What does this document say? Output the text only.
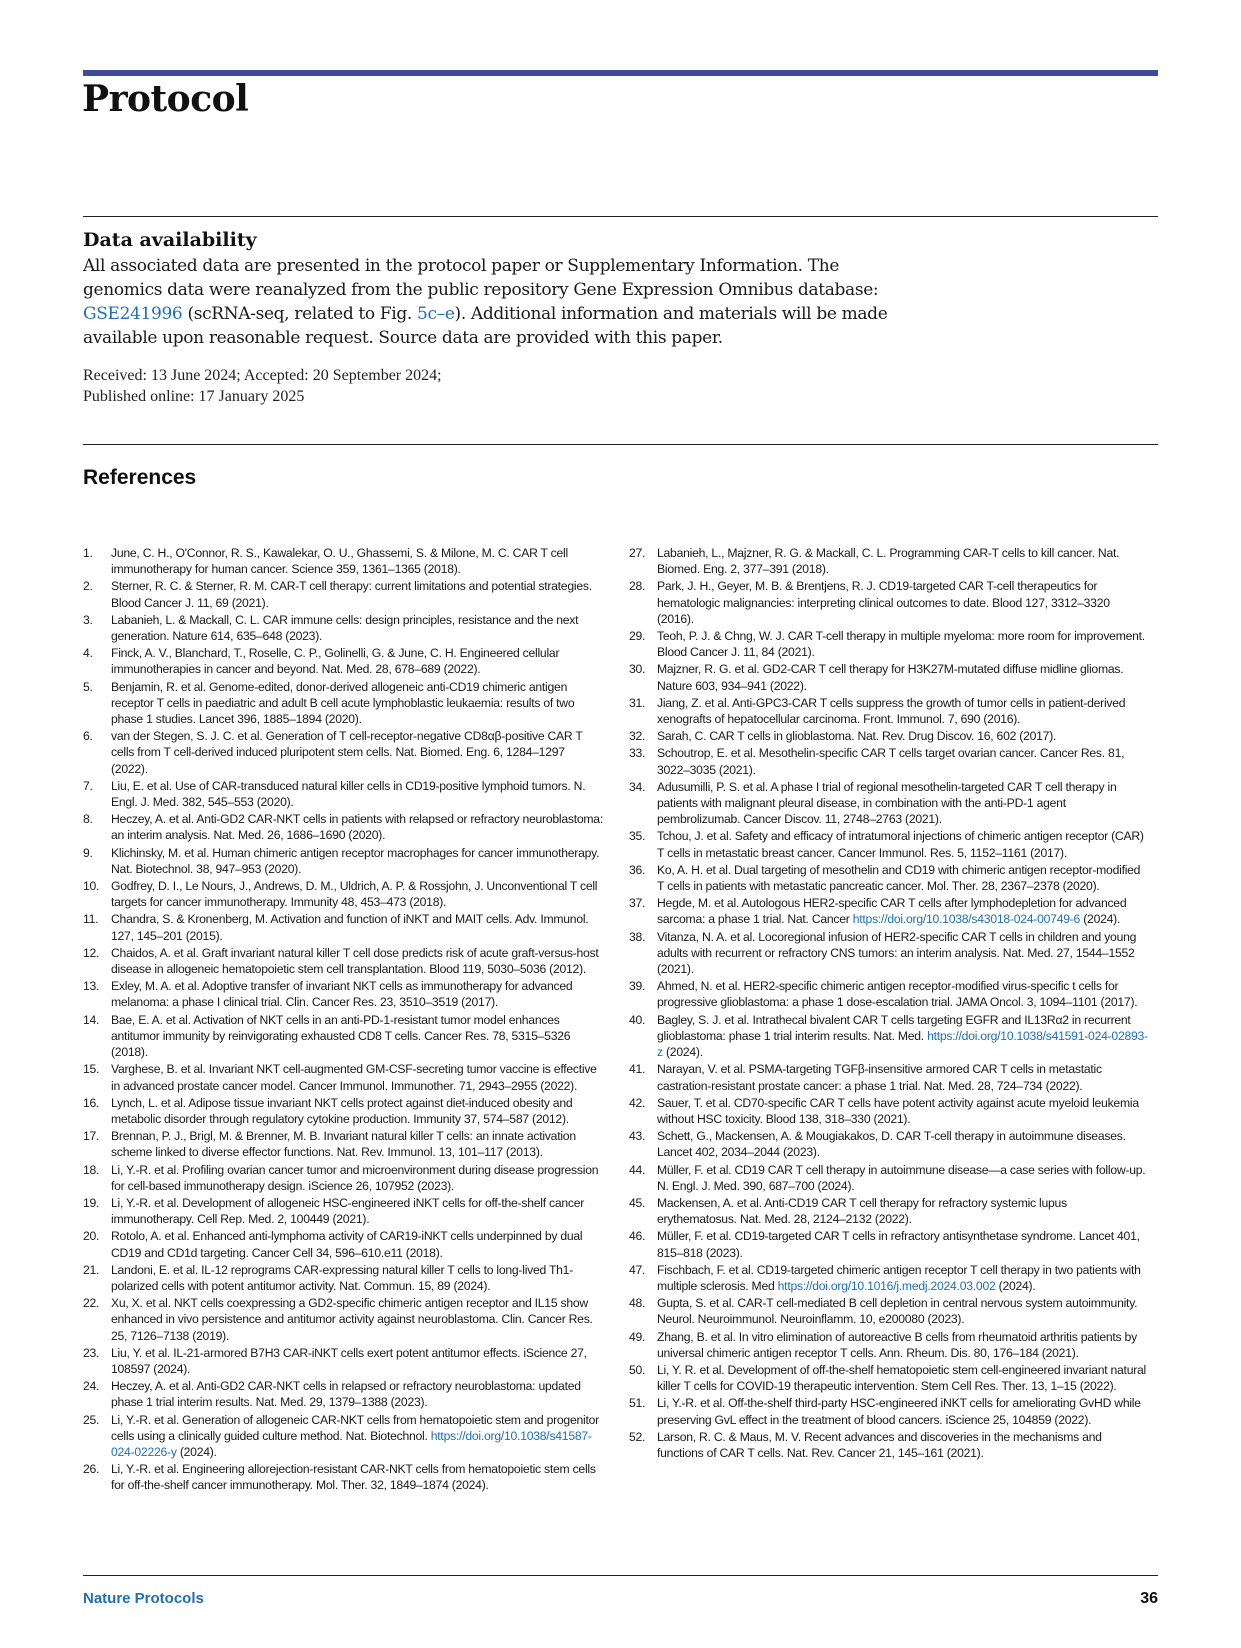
Protocol
Data availability
All associated data are presented in the protocol paper or Supplementary Information. The genomics data were reanalyzed from the public repository Gene Expression Omnibus database: GSE241996 (scRNA-seq, related to Fig. 5c–e). Additional information and materials will be made available upon reasonable request. Source data are provided with this paper.
Received: 13 June 2024; Accepted: 20 September 2024;
Published online: 17 January 2025
References
1. June, C. H., O'Connor, R. S., Kawalekar, O. U., Ghassemi, S. & Milone, M. C. CAR T cell immunotherapy for human cancer. Science 359, 1361–1365 (2018).
2. Sterner, R. C. & Sterner, R. M. CAR-T cell therapy: current limitations and potential strategies. Blood Cancer J. 11, 69 (2021).
3. Labanieh, L. & Mackall, C. L. CAR immune cells: design principles, resistance and the next generation. Nature 614, 635–648 (2023).
4. Finck, A. V., Blanchard, T., Roselle, C. P., Golinelli, G. & June, C. H. Engineered cellular immunotherapies in cancer and beyond. Nat. Med. 28, 678–689 (2022).
5. Benjamin, R. et al. Genome-edited, donor-derived allogeneic anti-CD19 chimeric antigen receptor T cells in paediatric and adult B cell acute lymphoblastic leukaemia: results of two phase 1 studies. Lancet 396, 1885–1894 (2020).
6. van der Stegen, S. J. C. et al. Generation of T cell-receptor-negative CD8αβ-positive CAR T cells from T cell-derived induced pluripotent stem cells. Nat. Biomed. Eng. 6, 1284–1297 (2022).
7. Liu, E. et al. Use of CAR-transduced natural killer cells in CD19-positive lymphoid tumors. N. Engl. J. Med. 382, 545–553 (2020).
8. Heczey, A. et al. Anti-GD2 CAR-NKT cells in patients with relapsed or refractory neuroblastoma: an interim analysis. Nat. Med. 26, 1686–1690 (2020).
9. Klichinsky, M. et al. Human chimeric antigen receptor macrophages for cancer immunotherapy. Nat. Biotechnol. 38, 947–953 (2020).
10. Godfrey, D. I., Le Nours, J., Andrews, D. M., Uldrich, A. P. & Rossjohn, J. Unconventional T cell targets for cancer immunotherapy. Immunity 48, 453–473 (2018).
11. Chandra, S. & Kronenberg, M. Activation and function of iNKT and MAIT cells. Adv. Immunol. 127, 145–201 (2015).
12. Chaidos, A. et al. Graft invariant natural killer T cell dose predicts risk of acute graft-versus-host disease in allogeneic hematopoietic stem cell transplantation. Blood 119, 5030–5036 (2012).
13. Exley, M. A. et al. Adoptive transfer of invariant NKT cells as immunotherapy for advanced melanoma: a phase I clinical trial. Clin. Cancer Res. 23, 3510–3519 (2017).
14. Bae, E. A. et al. Activation of NKT cells in an anti-PD-1-resistant tumor model enhances antitumor immunity by reinvigorating exhausted CD8 T cells. Cancer Res. 78, 5315–5326 (2018).
15. Varghese, B. et al. Invariant NKT cell-augmented GM-CSF-secreting tumor vaccine is effective in advanced prostate cancer model. Cancer Immunol. Immunother. 71, 2943–2955 (2022).
16. Lynch, L. et al. Adipose tissue invariant NKT cells protect against diet-induced obesity and metabolic disorder through regulatory cytokine production. Immunity 37, 574–587 (2012).
17. Brennan, P. J., Brigl, M. & Brenner, M. B. Invariant natural killer T cells: an innate activation scheme linked to diverse effector functions. Nat. Rev. Immunol. 13, 101–117 (2013).
18. Li, Y.-R. et al. Profiling ovarian cancer tumor and microenvironment during disease progression for cell-based immunotherapy design. iScience 26, 107952 (2023).
19. Li, Y.-R. et al. Development of allogeneic HSC-engineered iNKT cells for off-the-shelf cancer immunotherapy. Cell Rep. Med. 2, 100449 (2021).
20. Rotolo, A. et al. Enhanced anti-lymphoma activity of CAR19-iNKT cells underpinned by dual CD19 and CD1d targeting. Cancer Cell 34, 596–610.e11 (2018).
21. Landoni, E. et al. IL-12 reprograms CAR-expressing natural killer T cells to long-lived Th1-polarized cells with potent antitumor activity. Nat. Commun. 15, 89 (2024).
22. Xu, X. et al. NKT cells coexpressing a GD2-specific chimeric antigen receptor and IL15 show enhanced in vivo persistence and antitumor activity against neuroblastoma. Clin. Cancer Res. 25, 7126–7138 (2019).
23. Liu, Y. et al. IL-21-armored B7H3 CAR-iNKT cells exert potent antitumor effects. iScience 27, 108597 (2024).
24. Heczey, A. et al. Anti-GD2 CAR-NKT cells in relapsed or refractory neuroblastoma: updated phase 1 trial interim results. Nat. Med. 29, 1379–1388 (2023).
25. Li, Y.-R. et al. Generation of allogeneic CAR-NKT cells from hematopoietic stem and progenitor cells using a clinically guided culture method. Nat. Biotechnol. https://doi.org/10.1038/s41587-024-02226-y (2024).
26. Li, Y.-R. et al. Engineering allorejection-resistant CAR-NKT cells from hematopoietic stem cells for off-the-shelf cancer immunotherapy. Mol. Ther. 32, 1849–1874 (2024).
27. Labanieh, L., Majzner, R. G. & Mackall, C. L. Programming CAR-T cells to kill cancer. Nat. Biomed. Eng. 2, 377–391 (2018).
28. Park, J. H., Geyer, M. B. & Brentjens, R. J. CD19-targeted CAR T-cell therapeutics for hematologic malignancies: interpreting clinical outcomes to date. Blood 127, 3312–3320 (2016).
29. Teoh, P. J. & Chng, W. J. CAR T-cell therapy in multiple myeloma: more room for improvement. Blood Cancer J. 11, 84 (2021).
30. Majzner, R. G. et al. GD2-CAR T cell therapy for H3K27M-mutated diffuse midline gliomas. Nature 603, 934–941 (2022).
31. Jiang, Z. et al. Anti-GPC3-CAR T cells suppress the growth of tumor cells in patient-derived xenografts of hepatocellular carcinoma. Front. Immunol. 7, 690 (2016).
32. Sarah, C. CAR T cells in glioblastoma. Nat. Rev. Drug Discov. 16, 602 (2017).
33. Schoutrop, E. et al. Mesothelin-specific CAR T cells target ovarian cancer. Cancer Res. 81, 3022–3035 (2021).
34. Adusumilli, P. S. et al. A phase I trial of regional mesothelin-targeted CAR T cell therapy in patients with malignant pleural disease, in combination with the anti-PD-1 agent pembrolizumab. Cancer Discov. 11, 2748–2763 (2021).
35. Tchou, J. et al. Safety and efficacy of intratumoral injections of chimeric antigen receptor (CAR) T cells in metastatic breast cancer. Cancer Immunol. Res. 5, 1152–1161 (2017).
36. Ko, A. H. et al. Dual targeting of mesothelin and CD19 with chimeric antigen receptor-modified T cells in patients with metastatic pancreatic cancer. Mol. Ther. 28, 2367–2378 (2020).
37. Hegde, M. et al. Autologous HER2-specific CAR T cells after lymphodepletion for advanced sarcoma: a phase 1 trial. Nat. Cancer https://doi.org/10.1038/s43018-024-00749-6 (2024).
38. Vitanza, N. A. et al. Locoregional infusion of HER2-specific CAR T cells in children and young adults with recurrent or refractory CNS tumors: an interim analysis. Nat. Med. 27, 1544–1552 (2021).
39. Ahmed, N. et al. HER2-specific chimeric antigen receptor-modified virus-specific t cells for progressive glioblastoma: a phase 1 dose-escalation trial. JAMA Oncol. 3, 1094–1101 (2017).
40. Bagley, S. J. et al. Intrathecal bivalent CAR T cells targeting EGFR and IL13Rα2 in recurrent glioblastoma: phase 1 trial interim results. Nat. Med. https://doi.org/10.1038/s41591-024-02893-z (2024).
41. Narayan, V. et al. PSMA-targeting TGFβ-insensitive armored CAR T cells in metastatic castration-resistant prostate cancer: a phase 1 trial. Nat. Med. 28, 724–734 (2022).
42. Sauer, T. et al. CD70-specific CAR T cells have potent activity against acute myeloid leukemia without HSC toxicity. Blood 138, 318–330 (2021).
43. Schett, G., Mackensen, A. & Mougiakakos, D. CAR T-cell therapy in autoimmune diseases. Lancet 402, 2034–2044 (2023).
44. Müller, F. et al. CD19 CAR T cell therapy in autoimmune disease—a case series with follow-up. N. Engl. J. Med. 390, 687–700 (2024).
45. Mackensen, A. et al. Anti-CD19 CAR T cell therapy for refractory systemic lupus erythematosus. Nat. Med. 28, 2124–2132 (2022).
46. Müller, F. et al. CD19-targeted CAR T cells in refractory antisynthetase syndrome. Lancet 401, 815–818 (2023).
47. Fischbach, F. et al. CD19-targeted chimeric antigen receptor T cell therapy in two patients with multiple sclerosis. Med https://doi.org/10.1016/j.medj.2024.03.002 (2024).
48. Gupta, S. et al. CAR-T cell-mediated B cell depletion in central nervous system autoimmunity. Neurol. Neuroimmunol. Neuroinflamm. 10, e200080 (2023).
49. Zhang, B. et al. In vitro elimination of autoreactive B cells from rheumatoid arthritis patients by universal chimeric antigen receptor T cells. Ann. Rheum. Dis. 80, 176–184 (2021).
50. Li, Y. R. et al. Development of off-the-shelf hematopoietic stem cell-engineered invariant natural killer T cells for COVID-19 therapeutic intervention. Stem Cell Res. Ther. 13, 1–15 (2022).
51. Li, Y.-R. et al. Off-the-shelf third-party HSC-engineered iNKT cells for ameliorating GvHD while preserving GvL effect in the treatment of blood cancers. iScience 25, 104859 (2022).
52. Larson, R. C. & Maus, M. V. Recent advances and discoveries in the mechanisms and functions of CAR T cells. Nat. Rev. Cancer 21, 145–161 (2021).
Nature Protocols	36
